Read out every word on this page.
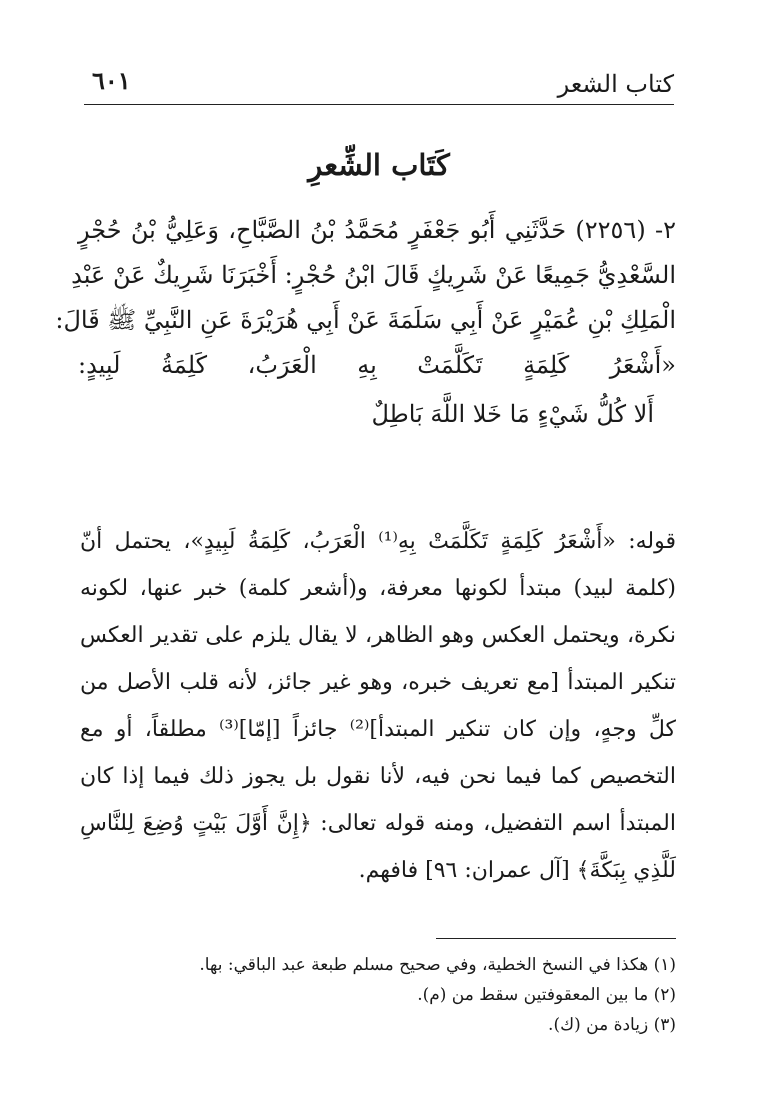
كتاب الشعر
٦٠١
كَتَاب الشِّعرِ
٢- (٢٢٥٦) حَدَّثَنِي أَبُو جَعْفَرٍ مُحَمَّدُ بْنُ الصَّبَّاحِ، وَعَلِيُّ بْنُ حُجْرٍ
السَّعْدِيُّ جَمِيعًا عَنْ شَرِيكٍ قَالَ ابْنُ حُجْرٍ: أَخْبَرَنَا شَرِيكٌ عَنْ عَبْدِ
الْمَلِكِ بْنِ عُمَيْرٍ عَنْ أَبِي سَلَمَةَ عَنْ أَبِي هُرَيْرَةَ عَنِ النَّبِيِّ ﷺ قَالَ:
«أَشْعَرُ كَلِمَةٍ تَكَلَّمَتْ بِهِ الْعَرَبُ، كَلِمَةُ لَبِيدٍ:
أَلا كُلُّ شَيْءٍ مَا خَلا اللَّهَ بَاطِلٌ
قوله: «أَشْعَرُ كَلِمَةٍ تَكَلَّمَتْ بِهِ⁽¹⁾ الْعَرَبُ، كَلِمَةُ لَبِيدٍ»، يحتمل أنّ
(كلمة لبيد) مبتدأ لكونها معرفة، و(أشعر كلمة) خبر عنها، لكونه
نكرة، ويحتمل العكس وهو الظاهر، لا يقال يلزم على تقدير العكس
تنكير المبتدأ [مع تعريف خبره، وهو غير جائز، لأنه قلب الأصل من
كلِّ وجهٍ، وإن كان تنكير المبتدأ]⁽²⁾ جائزاً [إمّا]⁽³⁾ مطلقاً، أو مع
التخصيص كما فيما نحن فيه، لأنا نقول بل يجوز ذلك فيما إذا كان
المبتدأ اسم التفضيل، ومنه قوله تعالى: ﴿إِنَّ أَوَّلَ بَيْتٍ وُضِعَ لِلنَّاسِ
لَلَّذِي بِبَكَّةَ﴾ [آل عمران: ٩٦] فافهم.
(١) هكذا في النسخ الخطية، وفي صحيح مسلم طبعة عبد الباقي: بها.
(٢) ما بين المعقوفتين سقط من (م).
(٣) زيادة من (ك).
